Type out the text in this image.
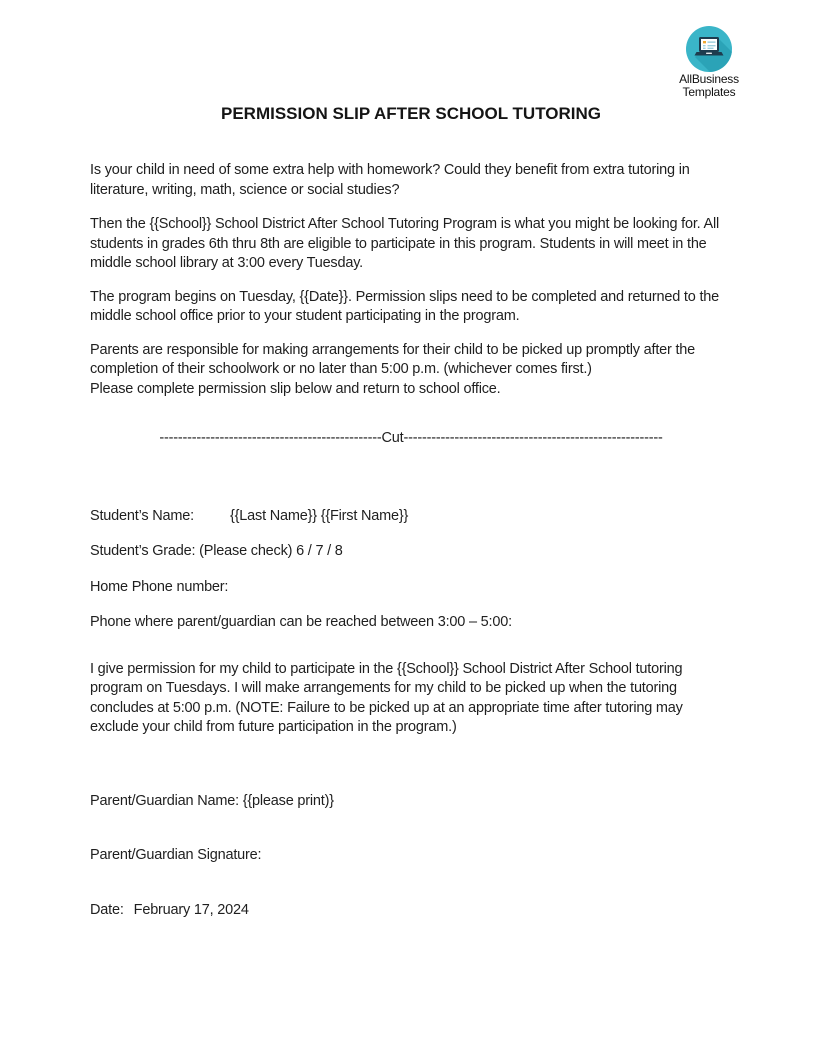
AllBusiness
Templates
PERMISSION SLIP AFTER SCHOOL TUTORING

Is your child in need of some extra help with homework? Could they benefit from extra tutoring in literature, writing, math, science or social studies?

Then the {{School}} School District After School Tutoring Program is what you might be looking for. All students in grades 6th thru 8th are eligible to participate in this program. Students in will meet in the middle school library at 3:00 every Tuesday.

The program begins on Tuesday, {{Date}}. Permission slips need to be completed and returned to the middle school office prior to your student participating in the program.

Parents are responsible for making arrangements for their child to be picked up promptly after the completion of their schoolwork or no later than 5:00 p.m. (whichever comes first.)
Please complete permission slip below and return to school office.
------------------------------------------------Cut--------------------------------------------------------
Student’s Name: {{Last Name}} {{First Name}}
Student’s Grade: (Please check) 6 / 7 / 8
Home Phone number:
Phone where parent/guardian can be reached between 3:00 – 5:00:

I give permission for my child to participate in the {{School}} School District After School tutoring program on Tuesdays. I will make arrangements for my child to be picked up when the tutoring concludes at 5:00 p.m. (NOTE: Failure to be picked up at an appropriate time after tutoring may exclude your child from future participation in the program.)

Parent/Guardian Name: {{please print)}
Parent/Guardian Signature:
Date: February 17, 2024
